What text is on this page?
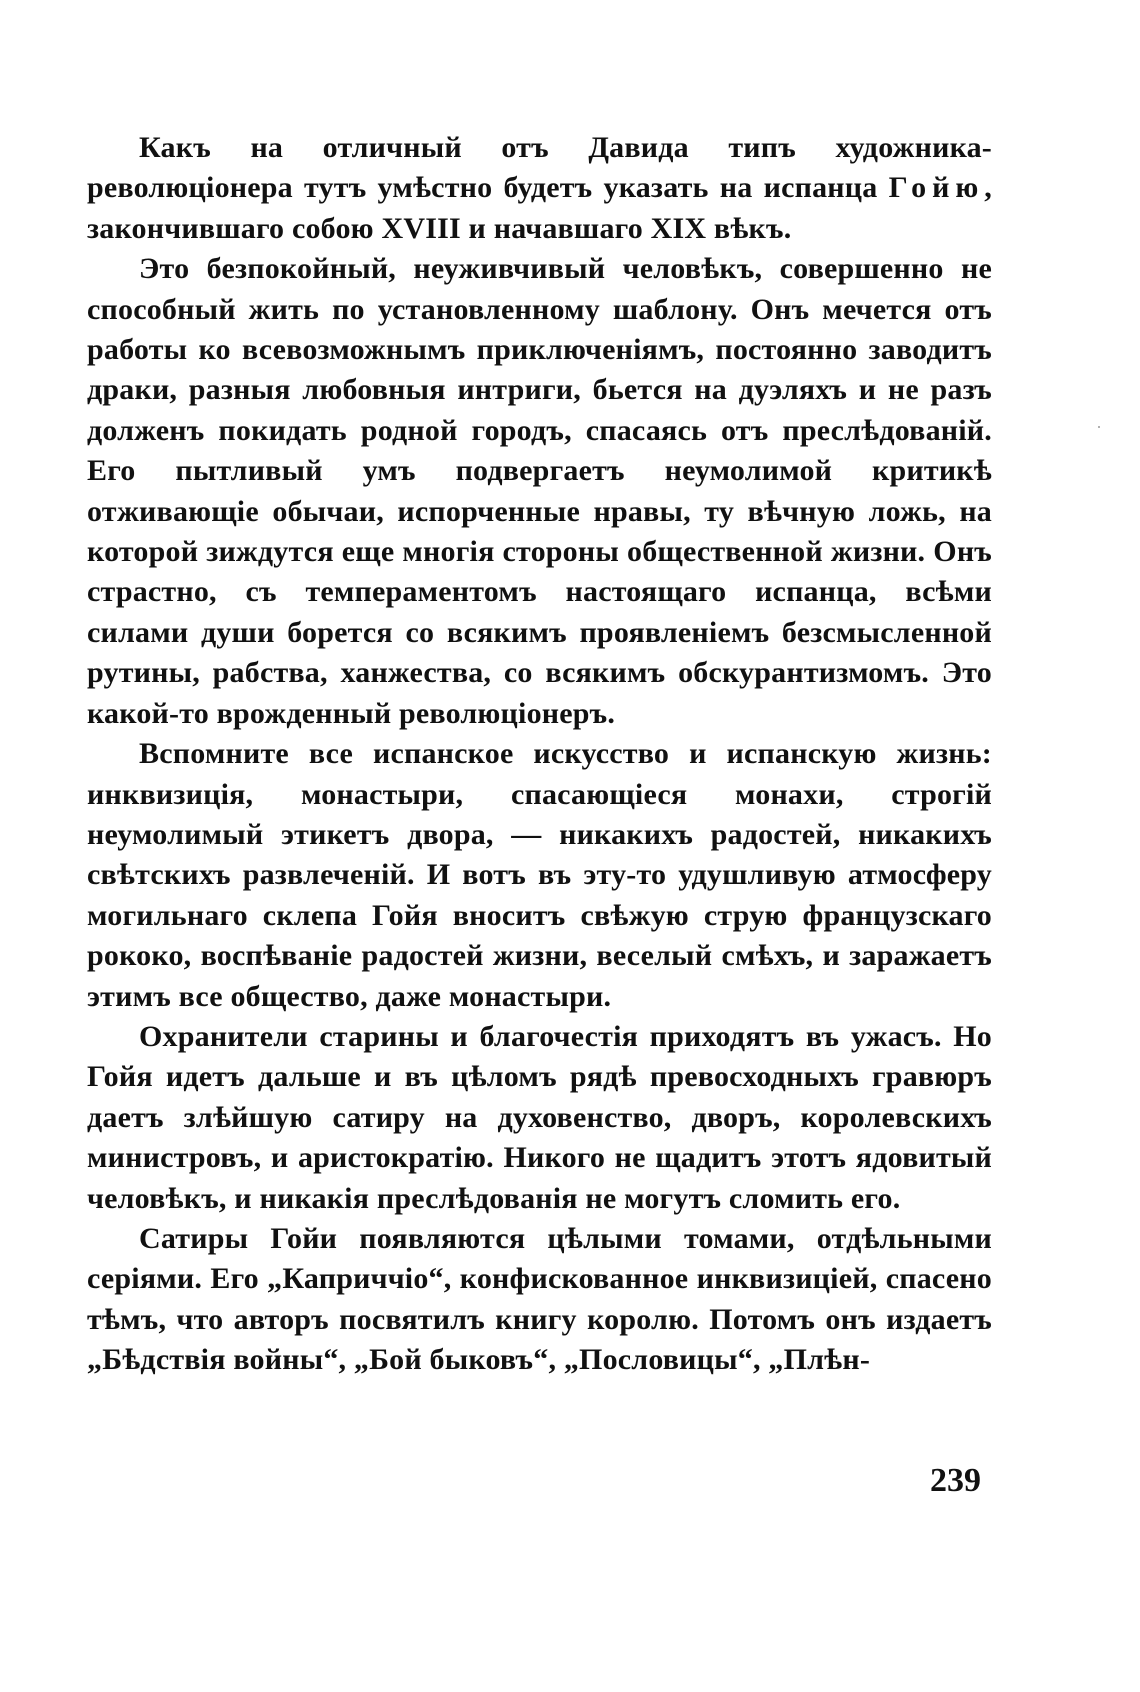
Какъ на отличный отъ Давида типъ художника-революціонера тутъ умѣстно будетъ указать на испанца Гойю, закончившаго собою XVIII и начавшаго XIX вѣкъ.

Это безпокойный, неуживчивый человѣкъ, совершенно не способный жить по установленному шаблону. Онъ мечется отъ работы ко всевозможнымъ приключеніямъ, постоянно заводитъ драки, разныя любовныя интриги, бьется на дуэляхъ и не разъ долженъ покидать родной городъ, спасаясь отъ преслѣдованій. Его пытливый умъ подвергаетъ неумолимой критикѣ отживающіе обычаи, испорченные нравы, ту вѣчную ложь, на которой зиждутся еще многія стороны общественной жизни. Онъ страстно, съ темпераментомъ настоящаго испанца, всѣми силами души борется со всякимъ проявленіемъ безсмысленной рутины, рабства, ханжества, со всякимъ обскурантизмомъ. Это какой-то врожденный революціонеръ.

Вспомните все испанское искусство и испанскую жизнь: инквизиція, монастыри, спасающіеся монахи, строгій неумолимый этикетъ двора, — никакихъ радостей, никакихъ свѣтскихъ развлеченій. И вотъ въ эту-то удушливую атмосферу могильнаго склепа Гойя вноситъ свѣжую струю французскаго рококо, воспѣваніе радостей жизни, веселый смѣхъ, и заражаетъ этимъ все общество, даже монастыри.

Охранители старины и благочестія приходятъ въ ужасъ. Но Гойя идетъ дальше и въ цѣломъ рядѣ превосходныхъ гравюръ даетъ злѣйшую сатиру на духовенство, дворъ, королевскихъ министровъ, и аристократію. Никого не щадитъ этотъ ядовитый человѣкъ, и никакія преслѣдованія не могутъ сломить его.

Сатиры Гойи появляются цѣлыми томами, отдѣльными серіями. Его „Каприччіо“, конфискованное инквизиціей, спасено тѣмъ, что авторъ посвятилъ книгу королю. Потомъ онъ издаетъ „Бѣдствія войны“, „Бой быковъ“, „Пословицы“, „Плѣн-

239
